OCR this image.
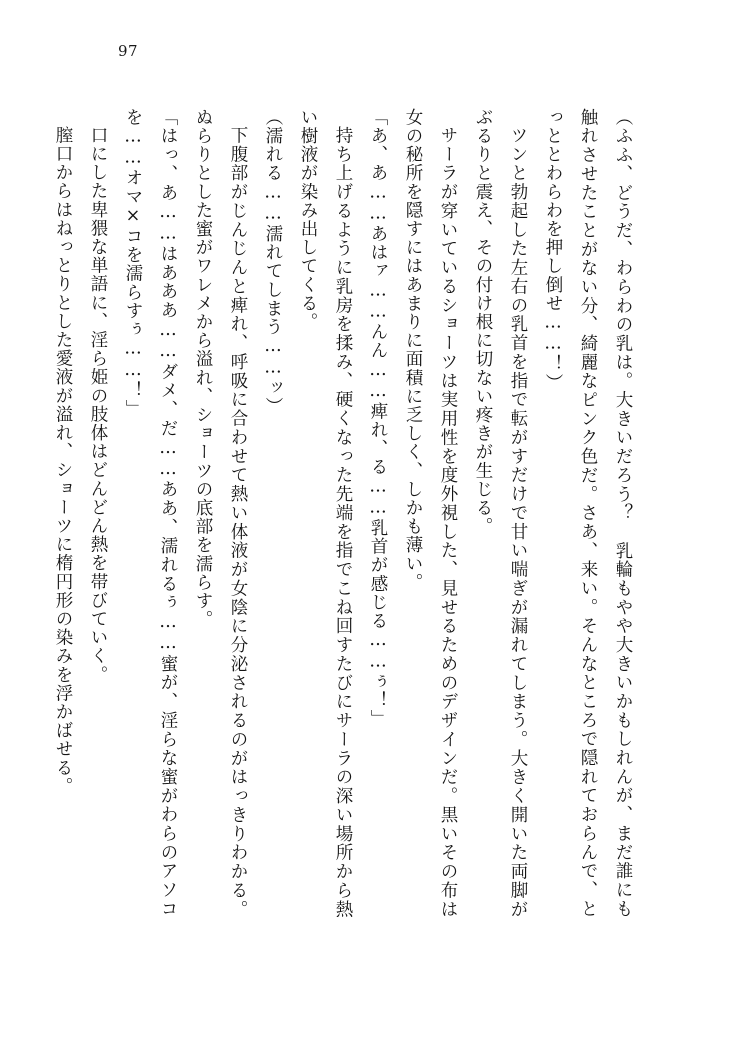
97

（ふふ、どうだ、わらわの乳は。大きいだろう？　乳輪もやや大きいかもしれんが、まだ誰にも触れさせたことがない分、綺麗なピンク色だ。さあ、来い。そんなところで隠れておらんで、とっととわらわを押し倒せ……！）

ツンと勃起した左右の乳首を指で転がすだけで甘い喘ぎが漏れてしまう。大きく開いた両脚がぶるりと震え、その付け根に切ない疼きが生じる。

サーラが穿いているショーツは実用性を度外視した、見せるためのデザインだ。黒いその布は女の秘所を隠すにはあまりに面積に乏しく、しかも薄い。

「あ、あ……あはァ……んん……痺れ、る……乳首が感じる……ぅ！」

持ち上げるように乳房を揉み、硬くなった先端を指でこね回すたびにサーラの深い場所から熱い樹液が染み出してくる。

（濡れる……濡れてしまう……ッ）

下腹部がじんじんと痺れ、呼吸に合わせて熱い体液が女陰に分泌されるのがはっきりわかる。ぬらりとした蜜がワレメから溢れ、ショーツの底部を濡らす。

「はっ、あ……はあああ……ダメ、だ……ああ、濡れるぅ……蜜が、淫らな蜜がわらのアソコを……オマ×コを濡らすぅ……！」

口にした卑猥な単語に、淫ら姫の肢体はどんどん熱を帯びていく。

膣口からはねっとりとした愛液が溢れ、ショーツに楕円形の染みを浮かばせる。
